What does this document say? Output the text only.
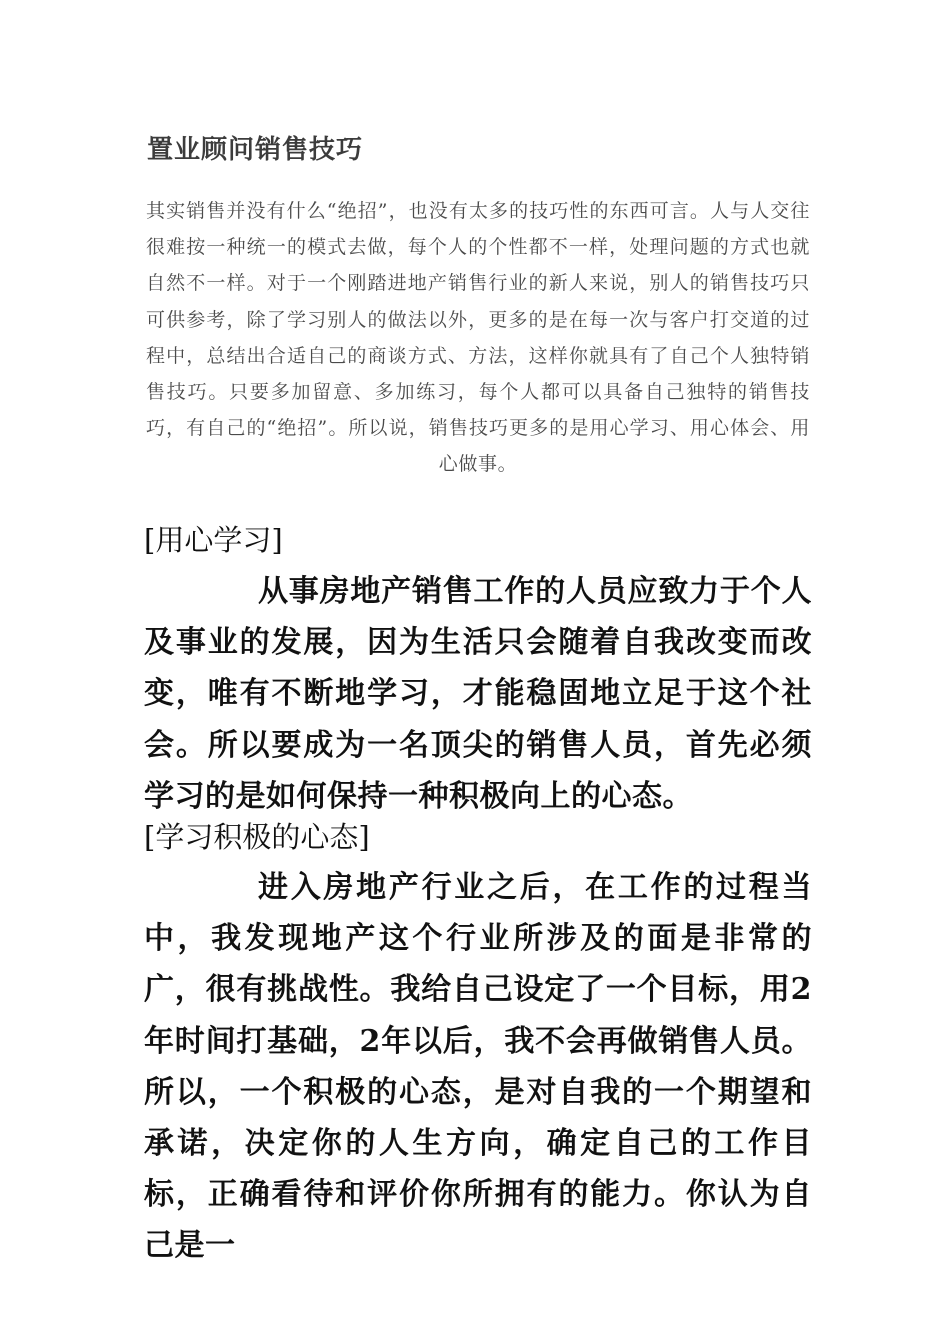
置业顾问销售技巧

其实销售并没有什么“绝招”，也没有太多的技巧性的东西可言。人与人交往很难按一种统一的模式去做，每个人的个性都不一样，处理问题的方式也就自然不一样。对于一个刚踏进地产销售行业的新人来说，别人的销售技巧只可供参考，除了学习别人的做法以外，更多的是在每一次与客户打交道的过程中，总结出合适自己的商谈方式、方法，这样你就具有了自己个人独特销售技巧。只要多加留意、多加练习，每个人都可以具备自己独特的销售技巧，有自己的“绝招”。所以说，销售技巧更多的是用心学习、用心体会、用心做事。

[用心学习]

从事房地产销售工作的人员应致力于个人及事业的发展，因为生活只会随着自我改变而改变，唯有不断地学习，才能稳固地立足于这个社会。所以要成为一名顶尖的销售人员，首先必须学习的是如何保持一种积极向上的心态。

[学习积极的心态]

进入房地产行业之后，在工作的过程当中，我发现地产这个行业所涉及的面是非常的广，很有挑战性。我给自己设定了一个目标，用2年时间打基础，2年以后，我不会再做销售人员。所以，一个积极的心态，是对自我的一个期望和承诺，决定你的人生方向，确定自己的工作目标，正确看待和评价你所拥有的能力。你认为自己是一
